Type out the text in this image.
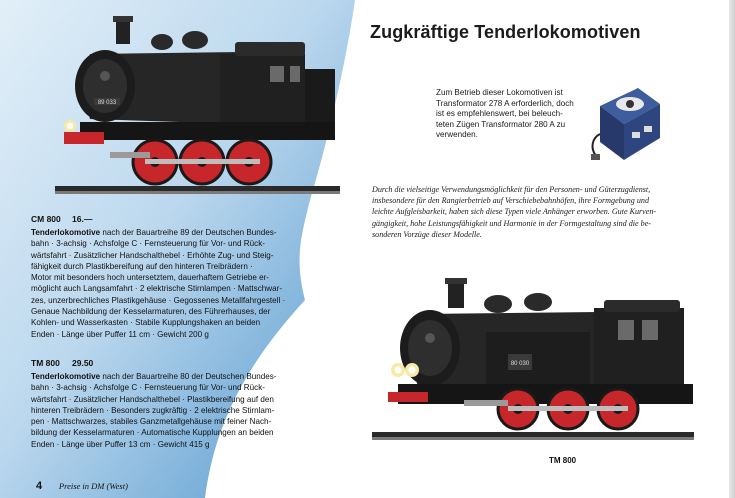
89 033
Zugkräftige Tenderlokomotiven
Zum Betrieb dieser Lokomotiven ist
Transformator 278 A erforderlich, doch
ist es empfehlenswert, bei beleuch-
teten Zügen Transformator 280 A zu
verwenden.
Durch die vielseitige Verwendungsmöglichkeit für den Personen- und Güterzugdienst,
insbesondere für den Rangierbetrieb auf Verschiebebahnhöfen, ihre Formgebung und
leichte Aufgleisbarkeit, haben sich diese Typen viele Anhänger erworben. Gute Kurven-
gängigkeit, hohe Leistungsfähigkeit und Harmonie in der Formgestaltung sind die be-
sonderen Vorzüge dieser Modelle.
CM 800 16.—
Tenderlokomotive nach der Bauartreihe 89 der Deutschen Bundes-
bahn · 3-achsig · Achsfolge C · Fernsteuerung für Vor- und Rück-
wärtsfahrt · Zusätzlicher Handschalthebel · Erhöhte Zug- und Steig-
fähigkeit durch Plastikbereifung auf den hinteren Treibrädern ·
Motor mit besonders hoch untersetztem, dauerhaftem Getriebe er-
möglicht auch Langsamfahrt · 2 elektrische Stirnlampen · Mattschwar-
zes, unzerbrechliches Plastikgehäuse · Gegossenes Metallfahrgestell ·
Genaue Nachbildung der Kesselarmaturen, des Führerhauses, der
Kohlen- und Wasserkasten · Stabile Kupplungshaken an beiden
Enden · Länge über Puffer 11 cm · Gewicht 200 g
TM 800 29.50
Tenderlokomotive nach der Bauartreihe 80 der Deutschen Bundes-
bahn · 3-achsig · Achsfolge C · Fernsteuerung für Vor- und Rück-
wärtsfahrt · Zusätzlicher Handschalthebel · Plastikbereifung auf den
hinteren Treibrädern · Besonders zugkräftig · 2 elektrische Stirnlam-
pen · Mattschwarzes, stabiles Ganzmetallgehäuse mit feiner Nach-
bildung der Kesselarmaturen · Automatische Kupplungen an beiden
Enden · Länge über Puffer 13 cm · Gewicht 415 g
80 030
TM 800
4 Preise in DM (West)
